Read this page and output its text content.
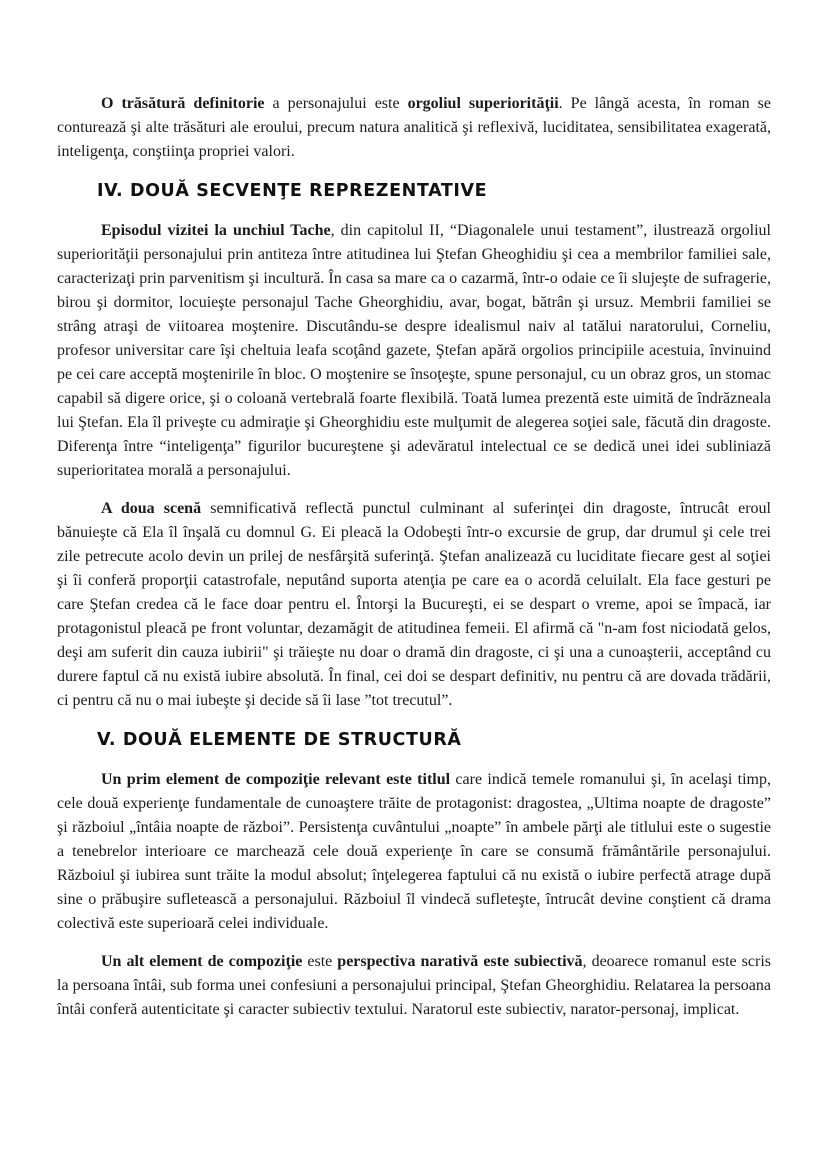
O trăsătură definitorie a personajului este orgoliul superiorităţii. Pe lângă acesta, în roman se conturează şi alte trăsături ale eroului, precum natura analitică şi reflexivă, luciditatea, sensibilitatea exagerată, inteligenţa, conştiinţa propriei valori.

IV. DOUĂ SECVENŢE REPREZENTATIVE

Episodul vizitei la unchiul Tache, din capitolul II, “Diagonalele unui testament”, ilustrează orgoliul superiorităţii personajului prin antiteza între atitudinea lui Ştefan Gheoghidiu şi cea a membrilor familiei sale, caracterizaţi prin parvenitism şi incultură. În casa sa mare ca o cazarmă, într-o odaie ce îi slujeşte de sufragerie, birou şi dormitor, locuieşte personajul Tache Gheorghidiu, avar, bogat, bătrân şi ursuz. Membrii familiei se strâng atraşi de viitoarea moştenire. Discutându-se despre idealismul naiv al tatălui naratorului, Corneliu, profesor universitar care îşi cheltuia leafa scoţând gazete, Ştefan apără orgolios principiile acestuia, învinuind pe cei care acceptă moştenirile în bloc. O moştenire se însoţeşte, spune personajul, cu un obraz gros, un stomac capabil să digere orice, şi o coloană vertebrală foarte flexibilă. Toată lumea prezentă este uimită de îndrăzneala lui Ştefan. Ela îl priveşte cu admiraţie şi Gheorghidiu este mulţumit de alegerea soţiei sale, făcută din dragoste. Diferenţa între “inteligenţa” figurilor bucureştene şi adevăratul intelectual ce se dedică unei idei subliniază superioritatea morală a personajului.

A doua scenă semnificativă reflectă punctul culminant al suferinţei din dragoste, întrucât eroul bănuieşte că Ela îl înşală cu domnul G. Ei pleacă la Odobeşti într-o excursie de grup, dar drumul şi cele trei zile petrecute acolo devin un prilej de nesfârşită suferinţă. Ştefan analizează cu luciditate fiecare gest al soţiei şi îi conferă proporţii catastrofale, neputând suporta atenţia pe care ea o acordă celuilalt. Ela face gesturi pe care Ştefan credea că le face doar pentru el. Întorşi la Bucureşti, ei se despart o vreme, apoi se împacă, iar protagonistul pleacă pe front voluntar, dezamăgit de atitudinea femeii. El afirmă că "n-am fost niciodată gelos, deşi am suferit din cauza iubirii" şi trăieşte nu doar o dramă din dragoste, ci şi una a cunoaşterii, acceptând cu durere faptul că nu există iubire absolută. În final, cei doi se despart definitiv, nu pentru că are dovada trădării, ci pentru că nu o mai iubeşte şi decide să îi lase ”tot trecutul”.

V. DOUĂ ELEMENTE DE STRUCTURĂ

Un prim element de compoziţie relevant este titlul care indică temele romanului şi, în acelaşi timp, cele două experienţe fundamentale de cunoaştere trăite de protagonist: dragostea, „Ultima noapte de dragoste” şi războiul „întâia noapte de război”. Persistenţa cuvântului „noapte” în ambele părţi ale titlului este o sugestie a tenebrelor interioare ce marchează cele două experienţe în care se consumă frământările personajului. Războiul şi iubirea sunt trăite la modul absolut; înţelegerea faptului că nu există o iubire perfectă atrage după sine o prăbuşire sufletească a personajului. Războiul îl vindecă sufleteşte, întrucât devine conştient că drama colectivă este superioară celei individuale.

Un alt element de compoziţie este perspectiva narativă este subiectivă, deoarece romanul este scris la persoana întâi, sub forma unei confesiuni a personajului principal, Ştefan Gheorghidiu. Relatarea la persoana întâi conferă autenticitate şi caracter subiectiv textului. Naratorul este subiectiv, narator-personaj, implicat.
